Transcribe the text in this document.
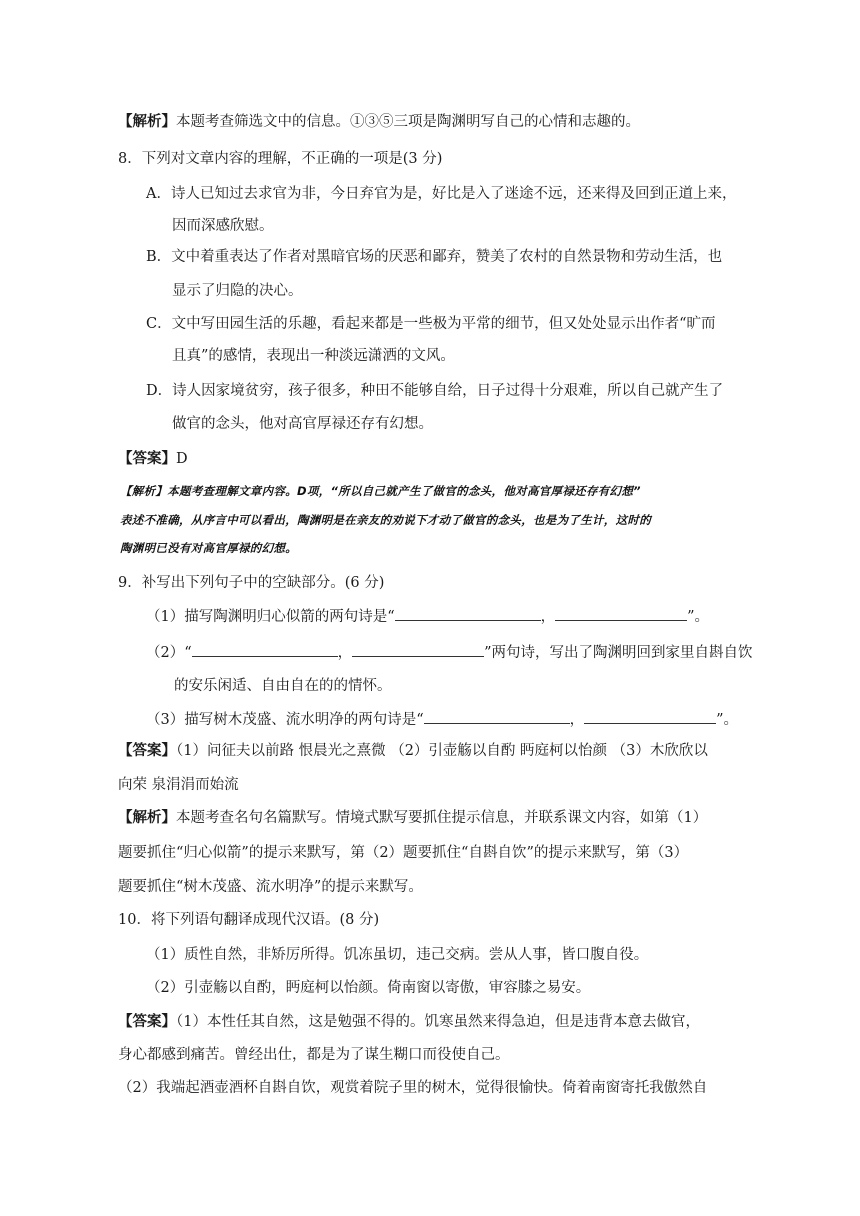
【解析】本题考查筛选文中的信息。①③⑤三项是陶渊明写自己的心情和志趣的。
8．下列对文章内容的理解，不正确的一项是(3 分)
A．诗人已知过去求官为非，今日弃官为是，好比是入了迷途不远，还来得及回到正道上来，
因而深感欣慰。
B．文中着重表达了作者对黑暗官场的厌恶和鄙弃，赞美了农村的自然景物和劳动生活，也
显示了归隐的决心。
C．文中写田园生活的乐趣，看起来都是一些极为平常的细节，但又处处显示出作者“旷而
且真”的感情，表现出一种淡远潇洒的文风。
D．诗人因家境贫穷，孩子很多，种田不能够自给，日子过得十分艰难，所以自己就产生了
做官的念头，他对高官厚禄还存有幻想。
【答案】D
【解析】本题考查理解文章内容。D项，“所以自己就产生了做官的念头，他对高官厚禄还存有幻想”
表述不准确，从序言中可以看出，陶渊明是在亲友的劝说下才动了做官的念头，也是为了生计，这时的
陶渊明已没有对高官厚禄的幻想。
9．补写出下列句子中的空缺部分。(6 分)
（1）描写陶渊明归心似箭的两句诗是“	，	”。
（2）“	，	”两句诗，写出了陶渊明回到家里自斟自饮
的安乐闲适、自由自在的的情怀。
（3）描写树木茂盛、流水明净的两句诗是“	，	”。
【答案】（1）问征夫以前路 恨晨光之熹微 （2）引壶觞以自酌 眄庭柯以怡颜 （3）木欣欣以
向荣 泉涓涓而始流
【解析】本题考查名句名篇默写。情境式默写要抓住提示信息，并联系课文内容，如第（1）
题要抓住“归心似箭”的提示来默写，第（2）题要抓住“自斟自饮”的提示来默写，第（3）
题要抓住“树木茂盛、流水明净”的提示来默写。
10．将下列语句翻译成现代汉语。(8 分)
（1）质性自然，非矫厉所得。饥冻虽切，违己交病。尝从人事，皆口腹自役。
（2）引壶觞以自酌，眄庭柯以怡颜。倚南窗以寄傲，审容膝之易安。
【答案】（1）本性任其自然，这是勉强不得的。饥寒虽然来得急迫，但是违背本意去做官，
身心都感到痛苦。曾经出仕，都是为了谋生糊口而役使自己。
（2）我端起酒壶酒杯自斟自饮，观赏着院子里的树木，觉得很愉快。倚着南窗寄托我傲然自
